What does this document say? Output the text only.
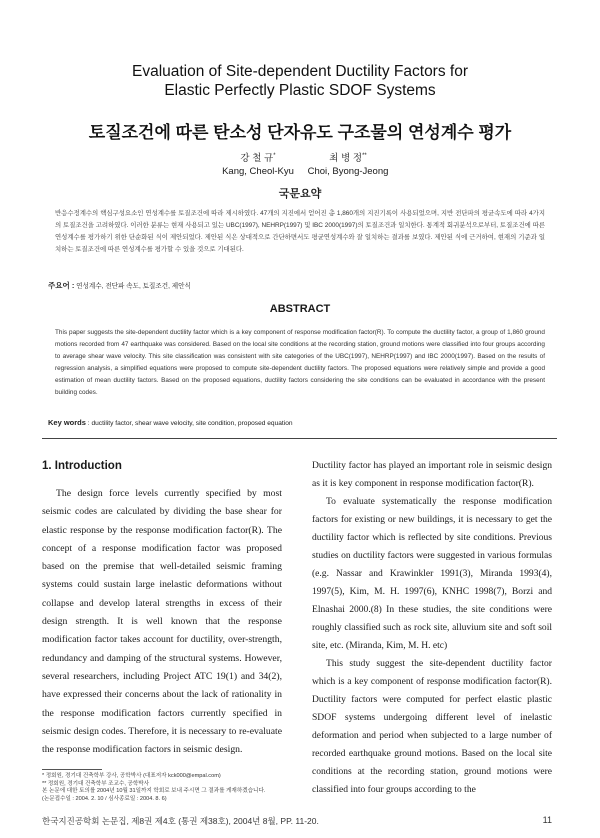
Evaluation of Site-dependent Ductility Factors for
Elastic Perfectly Plastic SDOF Systems
토질조건에 따른 탄소성 단자유도 구조물의 연성계수 평가
강 철 규*
Kang, Cheol-Kyu
최 병 정**
Choi, Byong-Jeong
국문요약
반응수정계수의 핵심구성요소인 연성계수를 토질조건에 따라 제시하였다. 47개의 지진에서 얻어진 총 1,860개의 지진기록이 사용되었으며, 지반 전단파의 평균속도에 따라 4가지의 토질조건을 고려하였다. 이러한 분류는 현재 사용되고 있는 UBC(1997), NEHRP(1997) 및 IBC 2000(1997)의 토질조건과 일치한다. 통계적 회귀분석으로부터, 토질조건에 따른 연성계수를 평가하기 위한 단순화된 식이 제안되었다. 제안된 식은 상대적으로 간단하면서도 평균연성계수와 잘 일치하는 결과를 보였다. 제안된 식에 근거하여, 현재의 기준과 일치하는 토질조건에 따른 연성계수를 평가할 수 있을 것으로 기대된다.
주요어 : 연성계수, 전단파 속도, 토질조건, 제안식
ABSTRACT
This paper suggests the site-dependent ductility factor which is a key component of response modification factor(R). To compute the ductility factor, a group of 1,860 ground motions recorded from 47 earthquake was considered. Based on the local site conditions at the recording station, ground motions were classified into four groups according to average shear wave velocity. This site classification was consistent with site categories of the UBC(1997), NEHRP(1997) and IBC 2000(1997). Based on the results of regression analysis, a simplified equations were proposed to compute site-dependent ductility factors. The proposed equations were relatively simple and provide a good estimation of mean ductility factors. Based on the proposed equations, ductility factors considering the site conditions can be evaluated in accordance with the present building codes.
Key words : ductility factor, shear wave velocity, site condition, proposed equation
1. Introduction

The design force levels currently specified by most seismic codes are calculated by dividing the base shear for elastic response by the response modification factor(R). The concept of a response modification factor was proposed based on the premise that well-detailed seismic framing systems could sustain large inelastic deformations without collapse and develop lateral strengths in excess of their design strength. It is well known that the response modification factor takes account for ductility, over-strength, redundancy and damping of the structural systems. However, several researchers, including Project ATC 19(1) and 34(2), have expressed their concerns about the lack of rationality in the response modification factors currently specified in seismic design codes. Therefore, it is necessary to re-evaluate the response modification factors in seismic design.

Ductility factor has played an important role in seismic design as it is key component in response modification factor(R).

To evaluate systematically the response modification factors for existing or new buildings, it is necessary to get the ductility factor which is reflected by site conditions. Previous studies on ductility factors were suggested in various formulas (e.g. Nassar and Krawinkler 1991(3), Miranda 1993(4), 1997(5), Kim, M. H. 1997(6), KNHC 1998(7), Borzi and Elnashai 2000.(8) In these studies, the site conditions were roughly classified such as rock site, alluvium site and soft soil site, etc. (Miranda, Kim, M. H. etc)

This study suggest the site-dependent ductility factor which is a key component of response modification factor(R). Ductility factors were computed for perfect elastic plastic SDOF systems undergoing different level of inelastic deformation and period when subjected to a large number of recorded earthquake ground motions. Based on the local site conditions at the recording station, ground motions were classified into four groups according to the

* 정회원, 경기대 건축학부 강사, 공학박사 (대표저자 kck000@empal.com)
** 정회원, 경기대 건축학부 조교수, 공학박사
본 논문에 대한 토의를 2004년 10월 31일까지 학회로 보내 주시면 그 결과를 게재하겠습니다.
(논문접수일 : 2004. 2. 10 / 심사종료일 : 2004. 8. 6)
한국지진공학회 논문집, 제8권 제4호 (통권 제38호), 2004년 8월, PP. 11-20.	11
